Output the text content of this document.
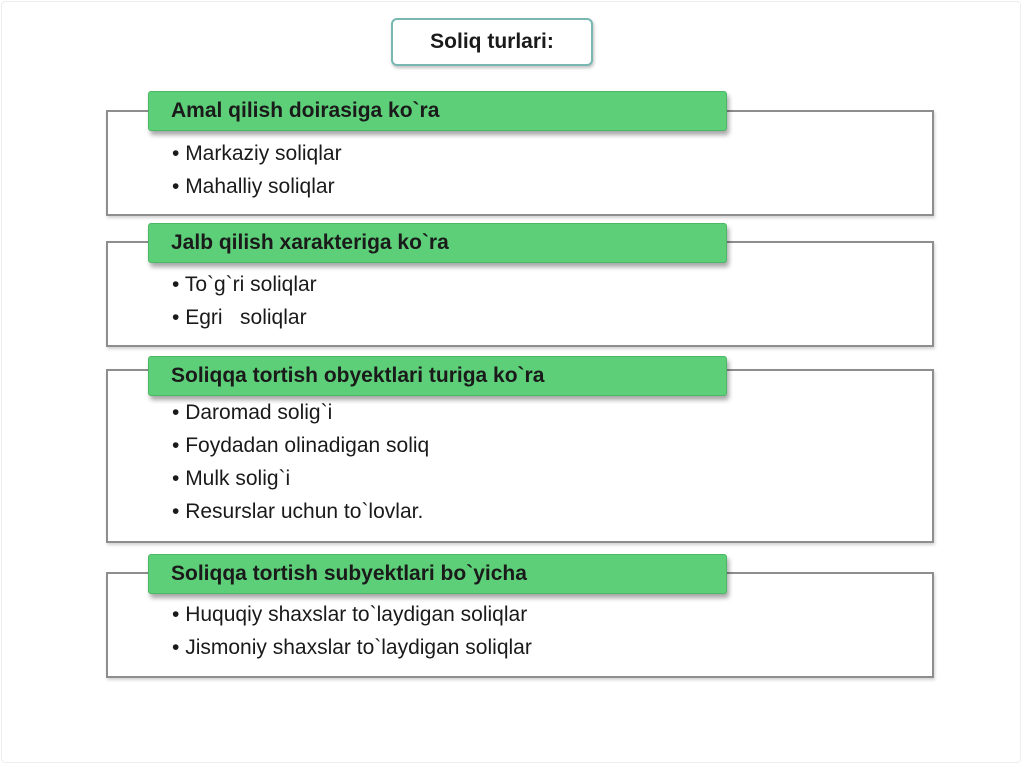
Soliq turlari:
Amal qilish doirasiga ko`ra
• Markaziy soliqlar
• Mahalliy soliqlar
Jalb qilish xarakteriga ko`ra
• To`g`ri soliqlar
• Egri   soliqlar
Soliqqa tortish obyektlari turiga ko`ra
• Daromad solig`i
• Foydadan olinadigan soliq
• Mulk solig`i
• Resurslar uchun to`lovlar.
Soliqqa tortish subyektlari bo`yicha
• Huquqiy shaxslar to`laydigan soliqlar
• Jismoniy shaxslar to`laydigan soliqlar
